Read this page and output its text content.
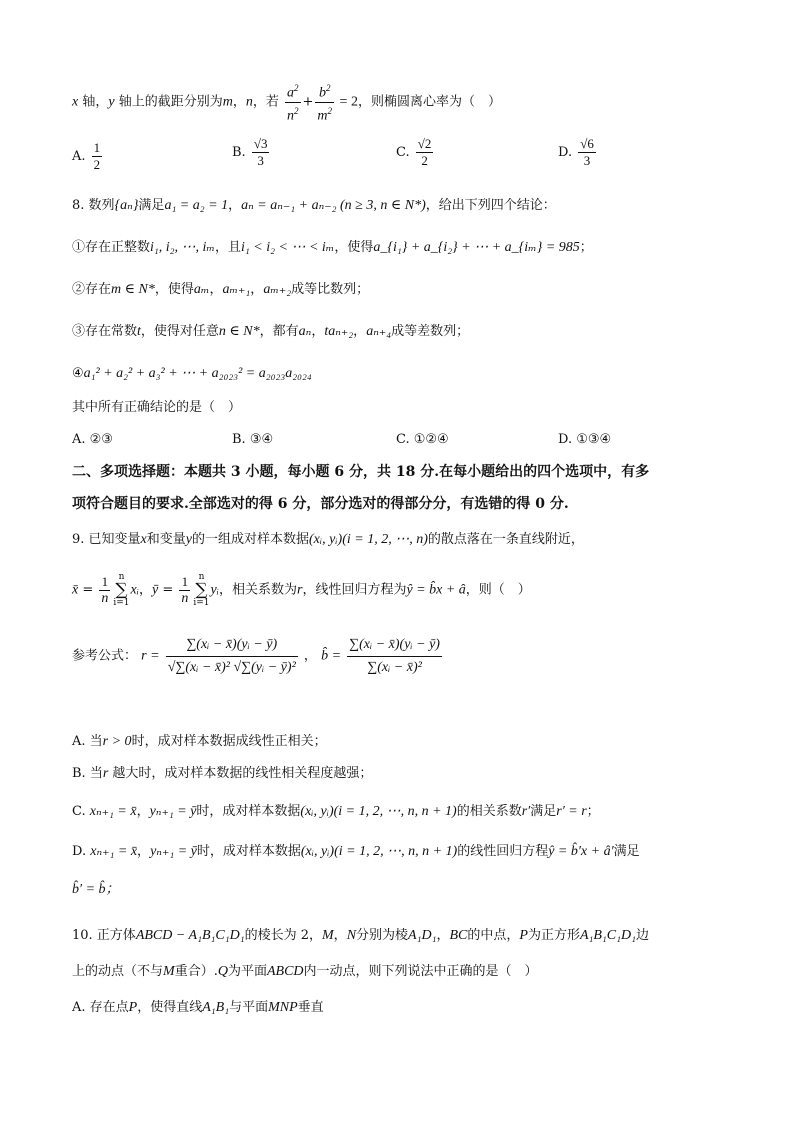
x 轴，y 轴上的截距分别为m，n，若 $\frac{a^2}{n^2} + \frac{b^2}{m^2} = 2$，则椭圆离心率为（　）
A. $\frac{1}{2}$	B. $\frac{√3}{3}$	C. $\frac{√2}{2}$	D. $\frac{√6}{3}$
8. 数列{aₙ}满足a₁ = a₂ = 1，aₙ = aₙ₋₁ + aₙ₋₂ (n ≥ 3, n ∈ N*)，给出下列四个结论：
①存在正整数i₁, i₂, ⋯, iₘ，且i₁ < i₂ < ⋯ < iₘ，使得a_{i₁} + a_{i₂} + ⋯ + a_{iₘ} = 985；
②存在m ∈ N*，使得aₘ，aₘ₊₁，aₘ₊₂成等比数列；
③存在常数t，使得对任意n ∈ N*，都有aₙ，taₙ₊₂，aₙ₊₄成等差数列；
④a₁² + a₂² + a₃² + ⋯ + a₂₀₂₃² = a₂₀₂₃a₂₀₂₄
其中所有正确结论的是（　）
A. ②③	B. ③④	C. ①②④	D. ①③④
二、多项选择题：本题共 3 小题，每小题 6 分，共 18 分.在每小题给出的四个选项中，有多
项符合题目的要求.全部选对的得 6 分，部分选对的得部分分，有选错的得 0 分.
9. 已知变量x和变量y的一组成对样本数据(xᵢ, yᵢ)(i = 1, 2, ⋯, n)的散点落在一条直线附近，
x̄ = $\frac{1}{n}$ n
∑
i=1xᵢ，ȳ = $\frac{1}{n}$ n
∑
i=1yᵢ，相关系数为r，线性回归方程为ŷ = b̂x + â，则（　）
参考公式： $r = \frac{\text{∑(xᵢ − x̄)(yᵢ − ȳ)}}{\text{√∑(xᵢ − x̄)² √∑(yᵢ − ȳ)²}}$ ， b̂ = $\frac{\text{∑(xᵢ − x̄)(yᵢ − ȳ)}}{\text{∑(xᵢ − x̄)²}}$
A. 当r > 0时，成对样本数据成线性正相关；
B. 当r 越大时，成对样本数据的线性相关程度越强；
C. xₙ₊₁ = x̄，yₙ₊₁ = ȳ时，成对样本数据(xᵢ, yᵢ)(i = 1, 2, ⋯, n, n + 1)的相关系数r′满足r′ = r；
D. xₙ₊₁ = x̄，yₙ₊₁ = ȳ时，成对样本数据(xᵢ, yᵢ)(i = 1, 2, ⋯, n, n + 1)的线性回归方程ŷ = b̂′x + â′满足
b̂′ = b̂；
10. 正方体ABCD − A₁B₁C₁D₁的棱长为 2，M，N分别为棱A₁D₁，BC的中点，P为正方形A₁B₁C₁D₁边
上的动点（不与M重合）.Q为平面ABCD内一动点，则下列说法中正确的是（　）
A. 存在点P，使得直线A₁B₁与平面MNP垂直
